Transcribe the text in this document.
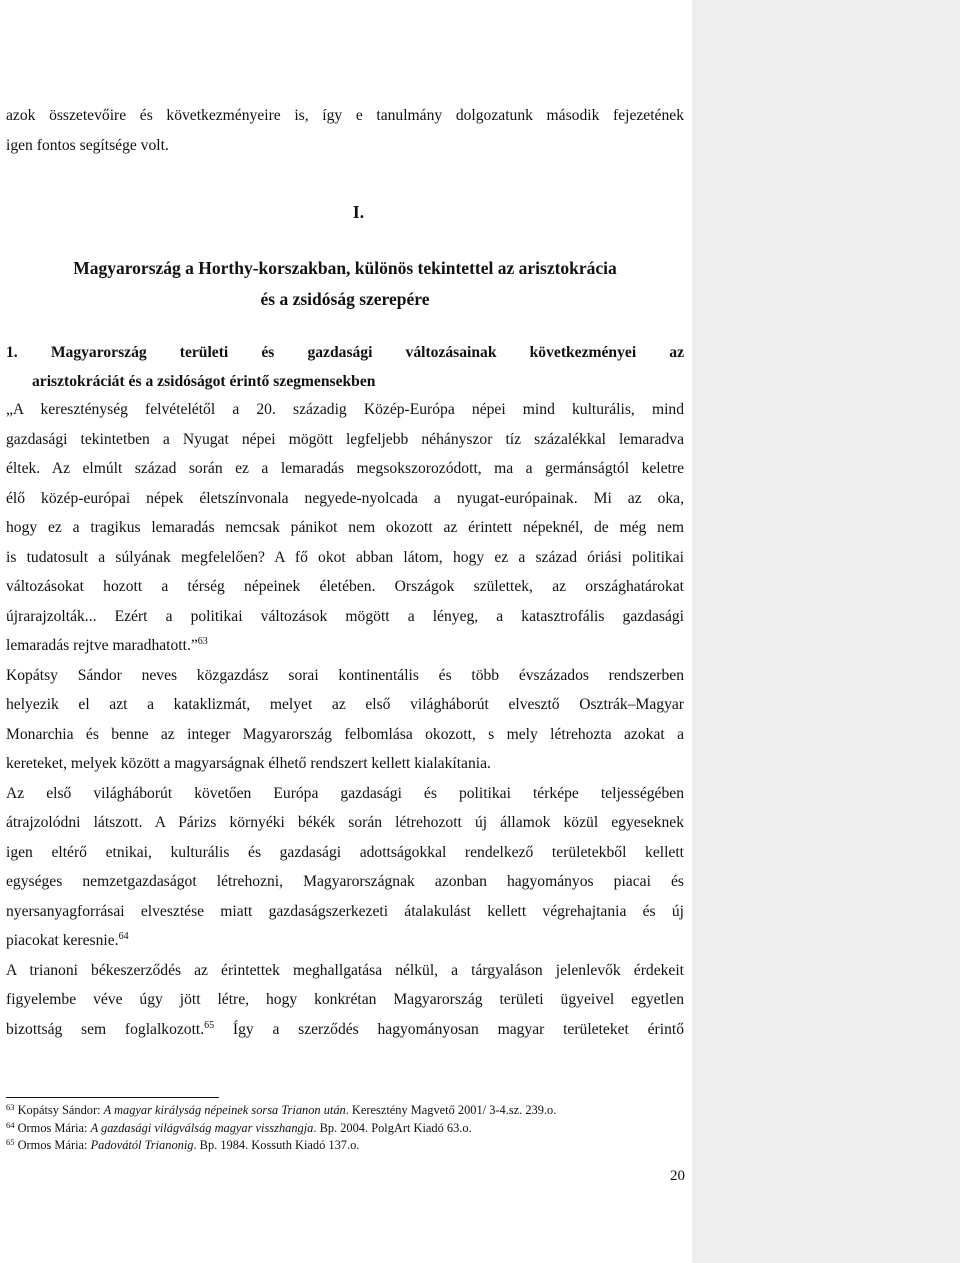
azok összetevőire és következményeire is, így e tanulmány dolgozatunk második fejezetének
igen fontos segítsége volt.
I.
Magyarország a Horthy-korszakban, különös tekintettel az arisztokrácia
és a zsidóság szerepére
1. Magyarország területi és gazdasági változásainak következményei az
arisztokráciát és a zsidóságot érintő szegmensekben
„A kereszténység felvételétől a 20. századig Közép-Európa népei mind kulturális, mind
gazdasági tekintetben a Nyugat népei mögött legfeljebb néhányszor tíz százalékkal lemaradva
éltek. Az elmúlt század során ez a lemaradás megsokszorozódott, ma a germánságtól keletre
élő közép-európai népek életszínvonala negyede-nyolcada a nyugat-európainak. Mi az oka,
hogy ez a tragikus lemaradás nemcsak pánikot nem okozott az érintett népeknél, de még nem
is tudatosult a súlyának megfelelően? A fő okot abban látom, hogy ez a század óriási politikai
változásokat hozott a térség népeinek életében. Országok születtek, az országhatárokat
újrarajzolták... Ezért a politikai változások mögött a lényeg, a katasztrofális gazdasági
lemaradás rejtve maradhatott.”$^{63}$
Kopátsy Sándor neves közgazdász sorai kontinentális és több évszázados rendszerben
helyezik el azt a kataklizmát, melyet az első világháborút elvesztő Osztrák–Magyar
Monarchia és benne az integer Magyarország felbomlása okozott, s mely létrehozta azokat a
kereteket, melyek között a magyarságnak élhető rendszert kellett kialakítania.
Az első világháborút követően Európa gazdasági és politikai térképe teljességében
átrajzolódni látszott. A Párizs környéki békék során létrehozott új államok közül egyeseknek
igen eltérő etnikai, kulturális és gazdasági adottságokkal rendelkező területekből kellett
egységes nemzetgazdaságot létrehozni, Magyarországnak azonban hagyományos piacai és
nyersanyagforrásai elvesztése miatt gazdaságszerkezeti átalakulást kellett végrehajtania és új
piacokat keresnie.$^{64}$
A trianoni békeszerződés az érintettek meghallgatása nélkül, a tárgyaláson jelenlevők érdekeit
figyelembe véve úgy jött létre, hogy konkrétan Magyarország területi ügyeivel egyetlen
bizottság sem foglalkozott.$^{65}$ Így a szerződés hagyományosan magyar területeket érintő
$^{63}$ Kopátsy Sándor: A magyar királyság népeinek sorsa Trianon után. Keresztény Magvető 2001/ 3-4.sz. 239.o.
$^{64}$ Ormos Mária: A gazdasági világválság magyar visszhangja. Bp. 2004. PolgArt Kiadó 63.o.
$^{65}$ Ormos Mária: Padovától Trianonig. Bp. 1984. Kossuth Kiadó 137.o.
20
